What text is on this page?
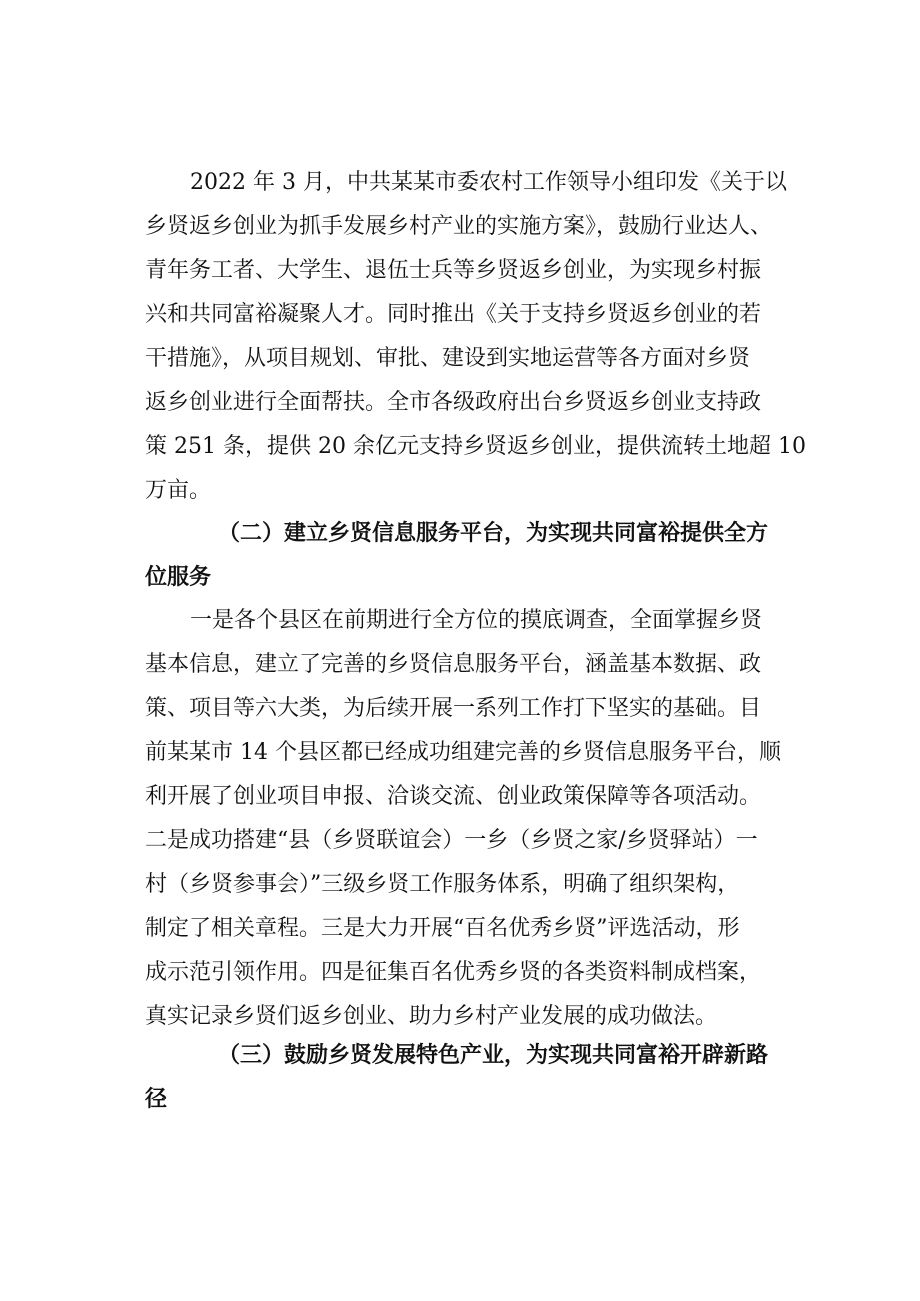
2022 年 3 月，中共某某市委农村工作领导小组印发《关于以
乡贤返乡创业为抓手发展乡村产业的实施方案》，鼓励行业达人、
青年务工者、大学生、退伍士兵等乡贤返乡创业，为实现乡村振
兴和共同富裕凝聚人才。同时推出《关于支持乡贤返乡创业的若
干措施》，从项目规划、审批、建设到实地运营等各方面对乡贤
返乡创业进行全面帮扶。全市各级政府出台乡贤返乡创业支持政
策 251 条，提供 20 余亿元支持乡贤返乡创业，提供流转土地超 10
万亩。
（二）建立乡贤信息服务平台，为实现共同富裕提供全方
位服务
一是各个县区在前期进行全方位的摸底调查，全面掌握乡贤
基本信息，建立了完善的乡贤信息服务平台，涵盖基本数据、政
策、项目等六大类，为后续开展一系列工作打下坚实的基础。目
前某某市 14 个县区都已经成功组建完善的乡贤信息服务平台，顺
利开展了创业项目申报、洽谈交流、创业政策保障等各项活动。
二是成功搭建“县（乡贤联谊会）一乡（乡贤之家/乡贤驿站）一
村（乡贤参事会）”三级乡贤工作服务体系，明确了组织架构，
制定了相关章程。三是大力开展“百名优秀乡贤”评选活动，形
成示范引领作用。四是征集百名优秀乡贤的各类资料制成档案，
真实记录乡贤们返乡创业、助力乡村产业发展的成功做法。
（三）鼓励乡贤发展特色产业，为实现共同富裕开辟新路
径
